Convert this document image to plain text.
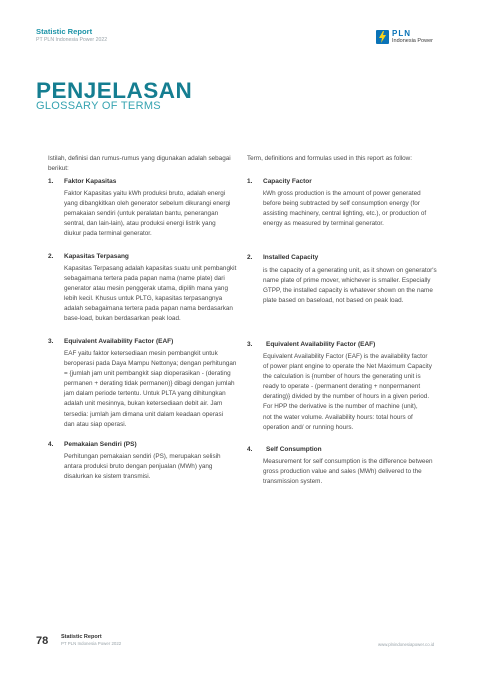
Statistic Report
PT PLN Indonesia Power 2022
PLN
Indonesia Power
PENJELASAN
GLOSSARY OF TERMS
Istilah, definisi dan rumus-rumus yang digunakan adalah sebagai
berikut:
1. Faktor Kapasitas
Faktor Kapasitas yaitu kWh produksi bruto, adalah energi
yang dibangkitkan oleh generator sebelum dikurangi energi
pemakaian sendiri (untuk peralatan bantu, penerangan
sentral, dan lain-lain), atau produksi energi listrik yang
diukur pada terminal generator.
2. Kapasitas Terpasang
Kapasitas Terpasang adalah kapasitas suatu unit pembangkit
sebagaimana tertera pada papan nama (name plate) dari
generator atau mesin penggerak utama, dipilih mana yang
lebih kecil. Khusus untuk PLTG, kapasitas terpasangnya
adalah sebagaimana tertera pada papan nama berdasarkan
base-load, bukan berdasarkan peak load.
3. Equivalent Availability Factor (EAF)
EAF yaitu faktor ketersediaan mesin pembangkit untuk
beroperasi pada Daya Mampu Nettonya; dengan perhitungan
= {jumlah jam unit pembangkit siap dioperasikan - (derating
permanen + derating tidak permanen)} dibagi dengan jumlah
jam dalam periode tertentu. Untuk PLTA yang dihitungkan
adalah unit mesinnya, bukan ketersediaan debit air. Jam
tersedia: jumlah jam dimana unit dalam keadaan operasi
dan atau siap operasi.
4. Pemakaian Sendiri (PS)
Perhitungan pemakaian sendiri (PS), merupakan selisih
antara produksi bruto dengan penjualan (MWh) yang
disalurkan ke sistem transmisi.
Term, definitions and formulas used in this report as follow:
1. Capacity Factor
kWh gross production is the amount of power generated
before being subtracted by self consumption energy (for
assisting machinery, central lighting, etc.), or production of
energy as measured by terminal generator.
2. Installed Capacity
is the capacity of a generating unit, as it shown on generator's
name plate of prime mover, whichever is smaller. Especially
GTPP, the installed capacity is whatever shown on the name
plate based on baseload, not based on peak load.
3. Equivalent Availability Factor (EAF)
Equivalent Availability Factor (EAF) is the availability factor
of power plant engine to operate the Net Maximum Capacity
the calculation is {number of hours the generating unit is
ready to operate - (permanent derating + nonpermanent
derating)} divided by the number of hours in a given period.
For HPP the derivative is the number of machine (unit),
not the water volume. Availability hours: total hours of
operation and/ or running hours.
4. Self Consumption
Measurement for self consumption is the difference between
gross production value and sales (MWh) delivered to the
transmission system.
78 Statistic Report
PT PLN Indonesia Power 2022	www.plnindonesiapower.co.id
